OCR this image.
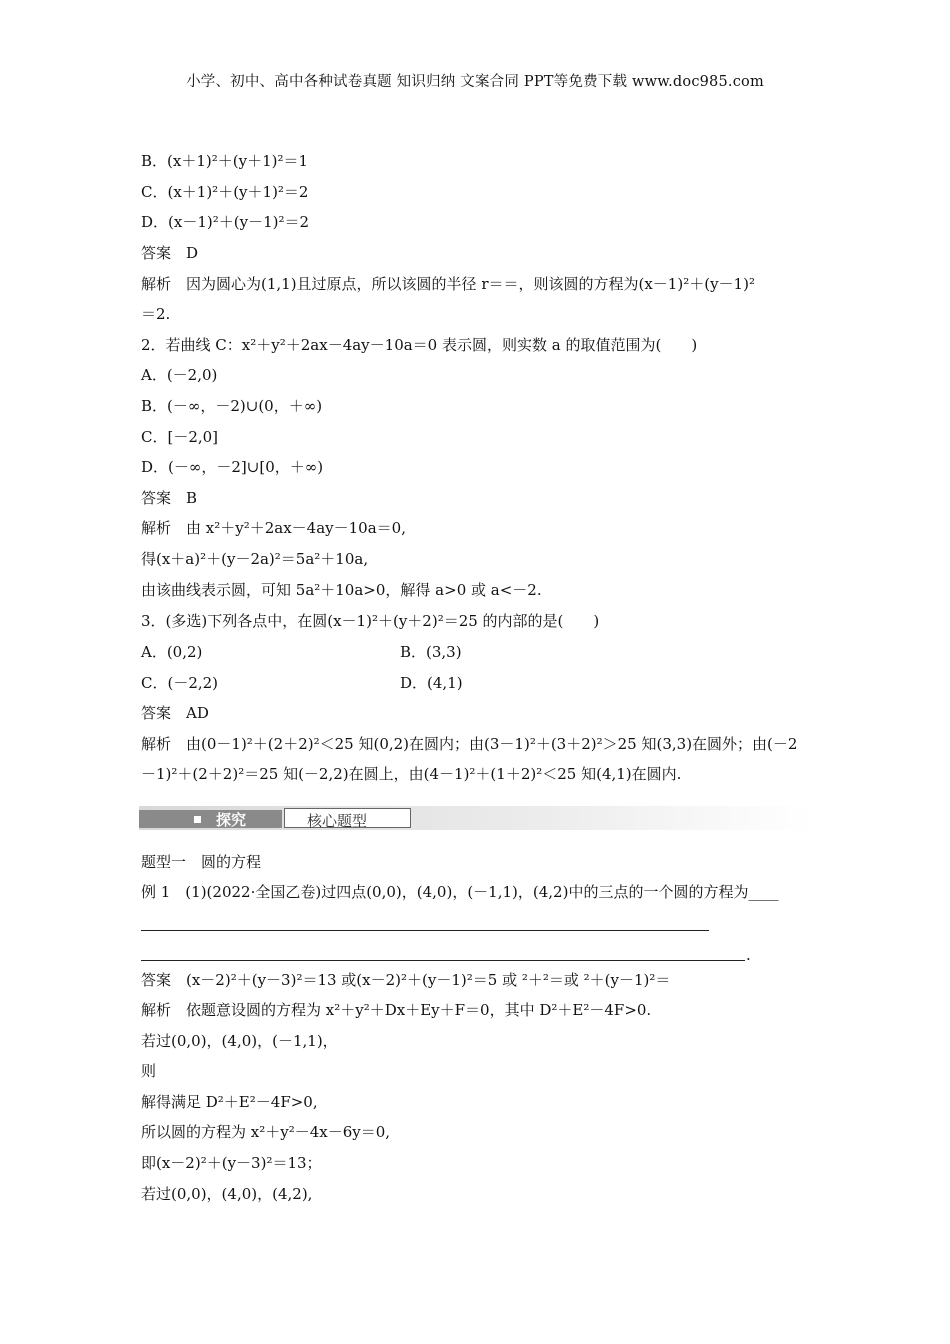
小学、初中、高中各种试卷真题 知识归纳 文案合同 PPT等免费下载 www.doc985.com
B．(x＋1)²＋(y＋1)²＝1
C．(x＋1)²＋(y＋1)²＝2
D．(x－1)²＋(y－1)²＝2
答案　D
解析　因为圆心为(1,1)且过原点，所以该圆的半径 r＝＝，则该圆的方程为(x－1)²＋(y－1)²
＝2.
2．若曲线 C：x²＋y²＋2ax－4ay－10a＝0 表示圆，则实数 a 的取值范围为(　　)
A．(－2,0)
B．(－∞，－2)∪(0，＋∞)
C．[－2,0]
D．(－∞，－2]∪[0，＋∞)
答案　B
解析　由 x²＋y²＋2ax－4ay－10a＝0,
得(x＋a)²＋(y－2a)²＝5a²＋10a,
由该曲线表示圆，可知 5a²＋10a>0，解得 a>0 或 a<－2.
3．(多选)下列各点中，在圆(x－1)²＋(y＋2)²＝25 的内部的是(　　)
A．(0,2)	B．(3,3)
C．(－2,2)	D．(4,1)
答案　AD
解析　由(0－1)²＋(2＋2)²＜25 知(0,2)在圆内；由(3－1)²＋(3＋2)²＞25 知(3,3)在圆外；由(－2
－1)²＋(2＋2)²＝25 知(－2,2)在圆上，由(4－1)²＋(1＋2)²＜25 知(4,1)在圆内.
探究	核心题型
题型一　圆的方程
例 1　(1)(2022·全国乙卷)过四点(0,0)，(4,0)，(－1,1)，(4,2)中的三点的一个圆的方程为____
.
答案　(x－2)²＋(y－3)²＝13 或(x－2)²＋(y－1)²＝5 或 ²＋²＝或 ²＋(y－1)²＝
解析　依题意设圆的方程为 x²＋y²＋Dx＋Ey＋F＝0，其中 D²＋E²－4F>0.
若过(0,0)，(4,0)，(－1,1)，
则
解得满足 D²＋E²－4F>0,
所以圆的方程为 x²＋y²－4x－6y＝0,
即(x－2)²＋(y－3)²＝13；
若过(0,0)，(4,0)，(4,2),
